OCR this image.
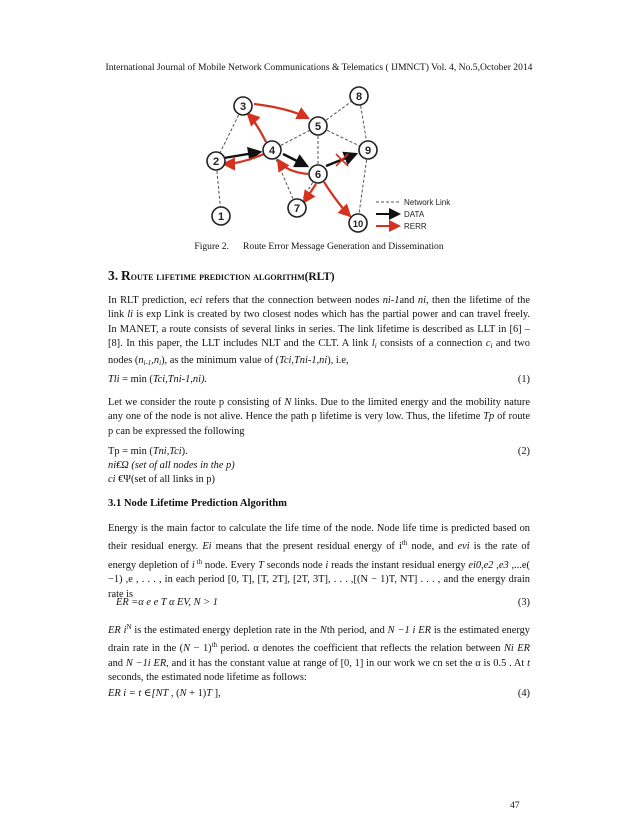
International Journal of Mobile Network Communications & Telematics ( IJMNCT) Vol. 4, No.5,October 2014
1
2
3
4
5
6
7
8
9
10
Network Link
DATA
RERR
Figure 2. Route Error Message Generation and Dissemination
3. Route lifetime prediction algorithm(RLT)
In RLT prediction, eci refers that the connection between nodes ni-1and ni, then the lifetime of the link li is exp Link is created by two closest nodes which has the partial power and can travel freely. In MANET, a route consists of several links in series. The link lifetime is described as LLT in [6] – [8]. In this paper, the LLT includes NLT and the CLT. A link $l_i$ consists of a connection $c_i$ and two nodes $(n_{i-1},n_i)$, as the minimum value of (Tci,Tni-1,ni), i.e,
Tli = min (Tci,Tni-1,ni).	(1)
Let we consider the route p consisting of N links. Due to the limited energy and the mobility nature any one of the node is not alive. Hence the path p lifetime is very low. Thus, the lifetime Tp of route p can be expressed the following
Tp = min (Tni,Tci).	(2)
ni€Ω (set of all nodes in the p)
ci €Ψ(set of all links in p)
3.1 Node Lifetime Prediction Algorithm
Energy is the main factor to calculate the life time of the node. Node life time is predicted based on their residual energy. Ei means that the present residual energy of $i^{th}$ node, and evi is the rate of energy depletion of i $^{th}$ node. Every T seconds node i reads the instant residual energy ei0,e2 ,e3 ,...e( −1) ,e , . . . , in each period [0, T], [T, 2T], [2T, 3T], . . . ,[(N − 1)T, NT] . . . , and the energy drain rate is
ER =α e e T α EV, N > 1	(3)
ER $i^N$ is the estimated energy depletion rate in the Nth period, and N −1 i ER is the estimated energy drain rate in the $(N - 1)^{th}$ period. α denotes the coefficient that reflects the relation between Ni ER and N −1i ER, and it has the constant value at range of [0, 1] in our work we cn set the α is 0.5 . At t seconds, the estimated node lifetime as follows:
ER i = t ∈[NT , (N + 1)T ],	(4)
47
